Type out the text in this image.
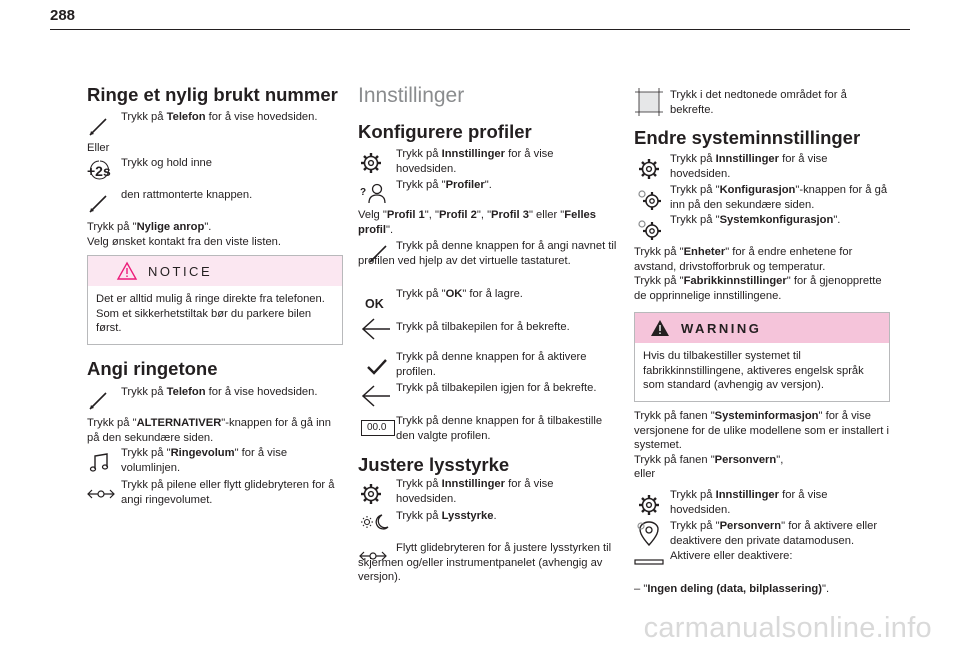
288
Ringe et nylig brukt nummer
Trykk på Telefon for å vise hovedsiden.
Eller
+2s Trykk og hold inne
den rattmonterte knappen.
Trykk på "Nylige anrop".
Velg ønsket kontakt fra den viste listen.
NOTICE
Det er alltid mulig å ringe direkte fra telefonen. Som et sikkerhetstiltak bør du parkere bilen først.
Angi ringetone
Trykk på Telefon for å vise hovedsiden.
Trykk på "ALTERNATIVER"-knappen for å gå inn på den sekundære siden.
Trykk på "Ringevolum" for å vise volumlinjen.
Trykk på pilene eller flytt glidebryteren for å angi ringevolumet.
Innstillinger
Konfigurere profiler
Trykk på Innstillinger for å vise hovedsiden.
?
Trykk på "Profiler".
Velg "Profil 1", "Profil 2", "Profil 3" eller "Felles profil".
Trykk på denne knappen for å angi navnet til profilen ved hjelp av det virtuelle tastaturet.
OK
Trykk på "OK" for å lagre.
Trykk på tilbakepilen for å bekrefte.
Trykk på denne knappen for å aktivere profilen.
Trykk på tilbakepilen igjen for å bekrefte.
00.0
Trykk på denne knappen for å tilbakestille den valgte profilen.
Justere lysstyrke
Trykk på Innstillinger for å vise hovedsiden.
Trykk på Lysstyrke.
Flytt glidebryteren for å justere lysstyrken til skjermen og/eller instrumentpanelet (avhengig av versjon).
Trykk i det nedtonede området for å bekrefte.
Endre systeminnstillinger
Trykk på Innstillinger for å vise hovedsiden.
Trykk på "Konfigurasjon"-knappen for å gå inn på den sekundære siden.
Trykk på "Systemkonfigurasjon".
Trykk på "Enheter" for å endre enhetene for avstand, drivstofforbruk og temperatur.
Trykk på "Fabrikkinnstillinger" for å gjenopprette de opprinnelige innstillingene.
WARNING
Hvis du tilbakestiller systemet til fabrikkinnstillingene, aktiveres engelsk språk som standard (avhengig av versjon).
Trykk på fanen "Systeminformasjon" for å vise versjonene for de ulike modellene som er installert i systemet.
Trykk på fanen "Personvern",
eller
Trykk på Innstillinger for å vise hovedsiden.
Trykk på "Personvern" for å aktivere eller deaktivere den private datamodusen.
Aktivere eller deaktivere:
– "Ingen deling (data, bilplassering)".
carmanualsonline.info
